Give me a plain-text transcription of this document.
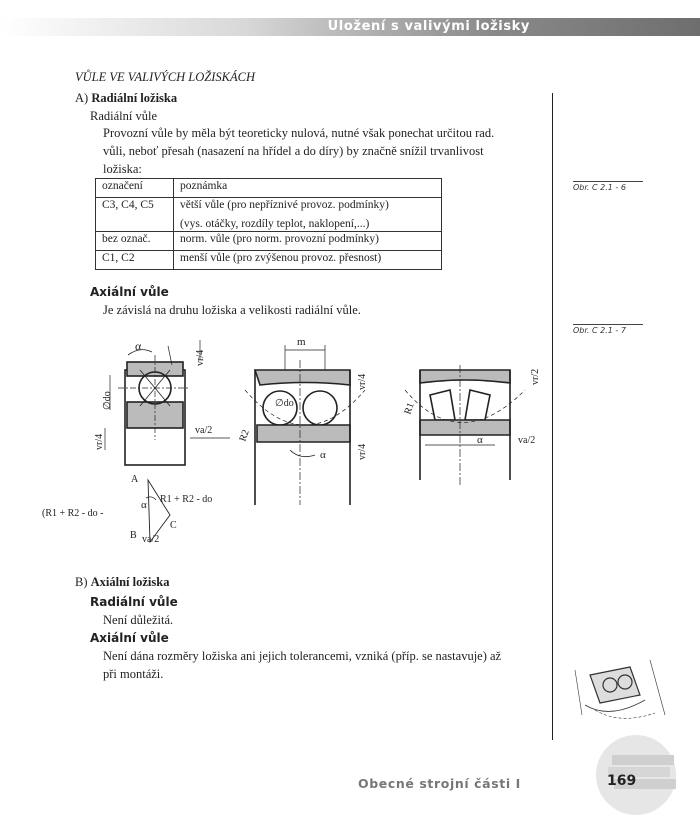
Uložení s valivými ložisky
Obr. C 2.1 - 6
Obr. C 2.1 - 7
VŮLE VE VALIVÝCH LOŽISKÁCH
A) Radiální ložiska
Radiální vůle
Provozní vůle by měla být teoreticky nulová, nutné však ponechat určitou rad.
vůli, neboť přesah (nasazení na hřídel a do díry) by značně snížil trvanlivost
ložiska:
označení	poznámka
C3, C4, C5	větší vůle (pro nepříznivé provoz. podmínky)
(vys. otáčky, rozdíly teplot, naklopení,...)

bez označ.	norm. vůle (pro norm. provozní podmínky)
C1, C2	menší vůle (pro zvýšenou provoz. přesnost)
Axiální vůle
Je závislá na druhu ložiska a velikosti radiální vůle.
α
vr/4
∅do
vr/4
va/2
A
α R1 + R2 - do
C
B va/2
(R1 + R2 - do -
m
∅do
R2
vr/4
vr/4
α
R1
vr/2
α	va/2
B) Axiální ložiska
Radiální vůle
Není důležitá.
Axiální vůle
Není dána rozměry ložiska ani jejich tolerancemi, vzniká (příp. se nastavuje) až
při montáži.
Obecné strojní části I	169
